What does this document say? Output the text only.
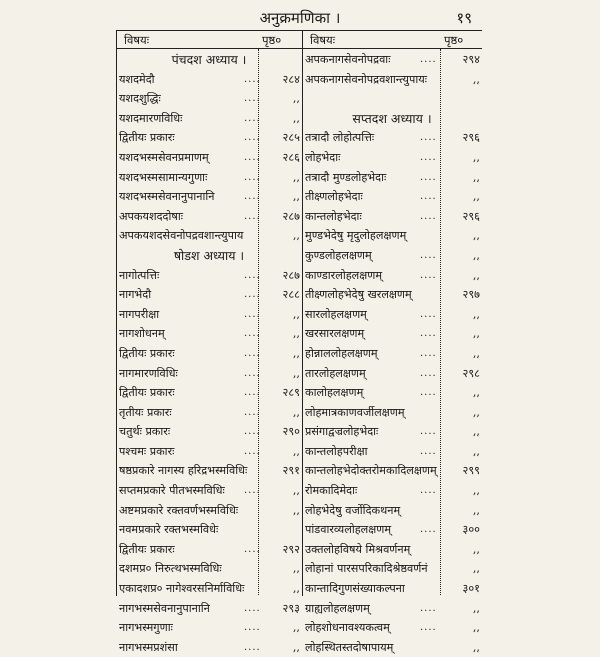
अनुक्रमणिका ।	१९
विषयः	पृष्ठ० विषयः	पृष्ठ०
पंचदश अध्याय ।
यशदमेदौ	....	२८४
यशदशुद्धिः	....	,,
यशदमारणविधिः	....	,,
द्वितीयः प्रकारः	....	२८५
यशदभस्मसेवनप्रमाणम्	....	२८६
यशदभस्मसामान्यगुणाः	....	,,
यशदभस्मसेवनानुपानानि	....	,,
अपकयशददोषाः	....	२८७
अपकयशदसेवनोपद्रवशान्त्युपाय	,,
षोडश अध्याय ।
नागोत्पत्तिः	....	२८७
नागभेदौ	....	२८८
नागपरीक्षा	....	,,
नागशोधनम्	....	,,
द्वितीयः प्रकारः	....	,,
नागमारणविधिः	....	,,
द्वितीयः प्रकारः	....	२८९
तृतीयः प्रकारः	....	,,
चतुर्थः प्रकारः	....	२९०
पश्चमः प्रकारः	....	,,
षष्ठप्रकारे नागस्य हरिद्रभस्मविधिः	२९१
सप्तमप्रकारे पीतभस्मविधिः ....	,,
अष्टमप्रकारे रक्तवर्णभस्मविधिः	,,
नवमप्रकारे रक्तभस्मविधेः
द्वितीयः प्रकारः	....	२९२
दशमप्र० निरुत्थभस्मविधिः	,,
एकादशप्र० नागेश्वरसनिर्माविधिः	,,
नागभस्मसेवनानुपानानि	....	२९३
नागभस्मगुणाः	....	,,
नागभस्मप्रशंसा	....	,,
अपकनागसेवनोपद्रवाः	....	२९४
अपकनागसेवनोपद्रवशान्त्युपायः	,,
सप्तदश अध्याय ।
तत्रादौ लोहोत्पत्तिः	....	२९६
लोहभेदाः	....	,,
तत्रादौ मुण्डलोहभेदाः	....	,,
तीक्ष्णलोहभेदाः	....	,,
कान्तलोहभेदाः	....	२९६
मुण्डभेदेषु मृदुलोहलक्षणम्	,,
कुण्डलोहलक्षणम्	....	,,
काण्डारलोहलक्षणम्	....	,,
तीक्ष्णलोहभेदेषु खरलक्षणम्	२९७
सारलोहलक्षणम्	....	,,
खरसारलक्षणम्	....	,,
होन्नाललोहलक्षणम्	....	,,
तारलोहलक्षणम्	....	२९८
कालोहलक्षणम्	....	,,
लोहमात्रकाणवर्जीलक्षणम्	,,
प्रसंगाद्वज्रलोहभेदाः	....	,,
कान्तलोहपरीक्षा	....	,,
कान्तलोहभेदोक्तरोमकादिलक्षणम्	२९९
रोमकादिमेदाः	....	,,
लोहभेदेषु वर्जोदिकथनम्	,,
पांडवारव्यलोहलक्षणम्	....	३००
उक्तलोहविषये मिश्रवर्णनम्	,,
लोहानां पारसपरिकादिश्रेष्ठवर्णनं	,,
कान्तादिगुणसंख्याकल्पना	३०१
ग्राह्यलोहलक्षणम्	....	,,
लोहशोधनावश्यकत्वम्	....	,,
लोहस्थितस्तदोषापायम्	,,
